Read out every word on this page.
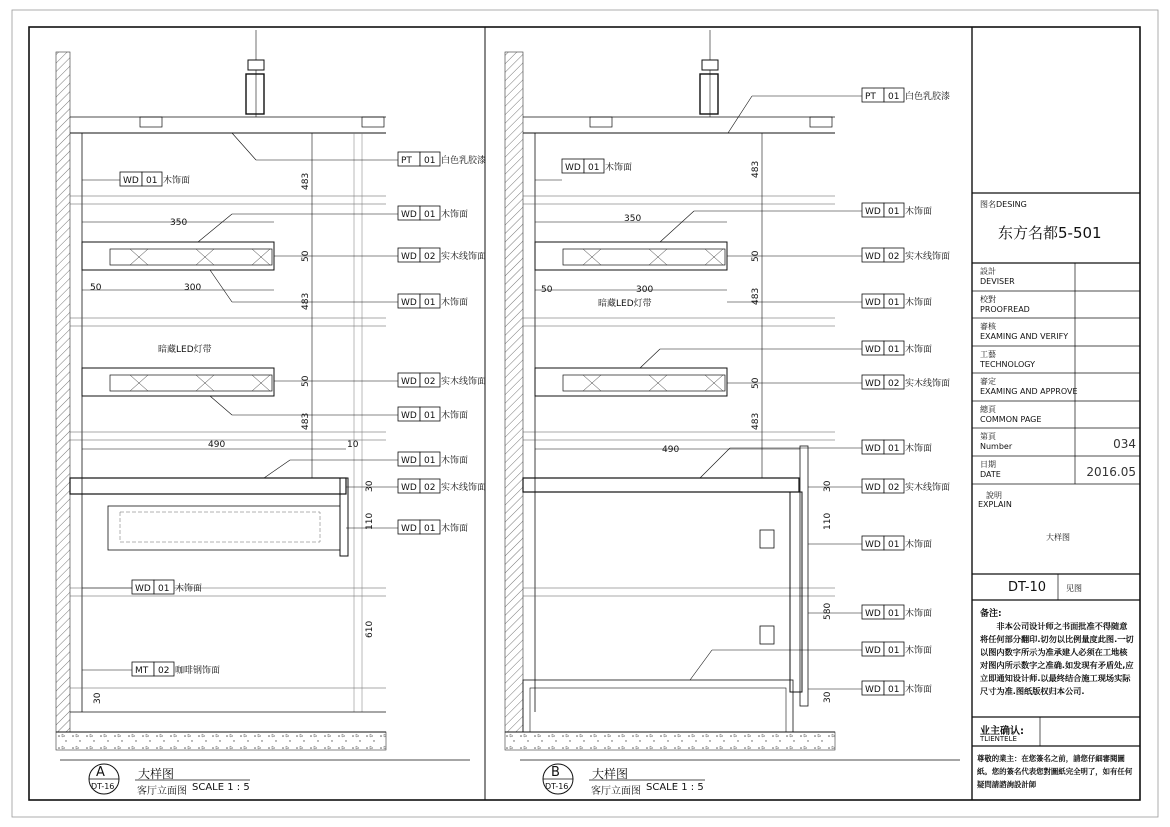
PT 01 白色乳胶漆
WD 01 木饰面
WD 01 木饰面
WD 02 实木线饰面
WD 01 木饰面
WD 02 实木线饰面
WD 01 木饰面
WD 01 木饰面
WD 02 实木线饰面
WD 01 木饰面
WD 01 木饰面
MT 02 咖啡钢饰面
PT 01 白色乳胶漆
WD 01 木饰面
WD 01 木饰面
WD 02 实木线饰面
WD 01 木饰面
WD 01 木饰面
WD 02 实木线饰面
WD 01 木饰面
WD 02 实木线饰面
WD 01 木饰面
WD 01 木饰面
WD 01 木饰面
WD 01 木饰面
483
350
50
50	300
483
50
483
490	10
30
110
610
30
483
350
50
50	300	483
50
483
490
30
110
580
30
暗藏LED灯带
暗藏LED灯带
A
DT-16
大样图
客厅立面图 SCALE 1 : 5
B
DT-16
大样图
客厅立面图 SCALE 1 : 5
图名DESING
东方名都5-501
設計
DEVISER
校對
PROOFREAD
審核
EXAMING AND VERIFY
工藝
TECHNOLOGY
審定
EXAMING AND APPROVE
總頁
COMMON PAGE
第頁
Number	034
日期
DATE	2016.05
說明
EXPLAIN
大样图
DT-10	见图
备注:
非本公司设计师之书面批准不得随意将任何部分翻印.切勿以比例量度此图.一切以图内数字所示为准承建人必须在工地核对图内所示数字之准确.如发现有矛盾处,应立即通知设计师.以最终结合施工现场实际尺寸为准.图纸版权归本公司.
业主确认:
TLIENTELE
尊敬的業主：在您簽名之前，請您仔細審閱圖紙。您的簽名代表您對圖紙完全明了，如有任何疑問請諮詢設計師
